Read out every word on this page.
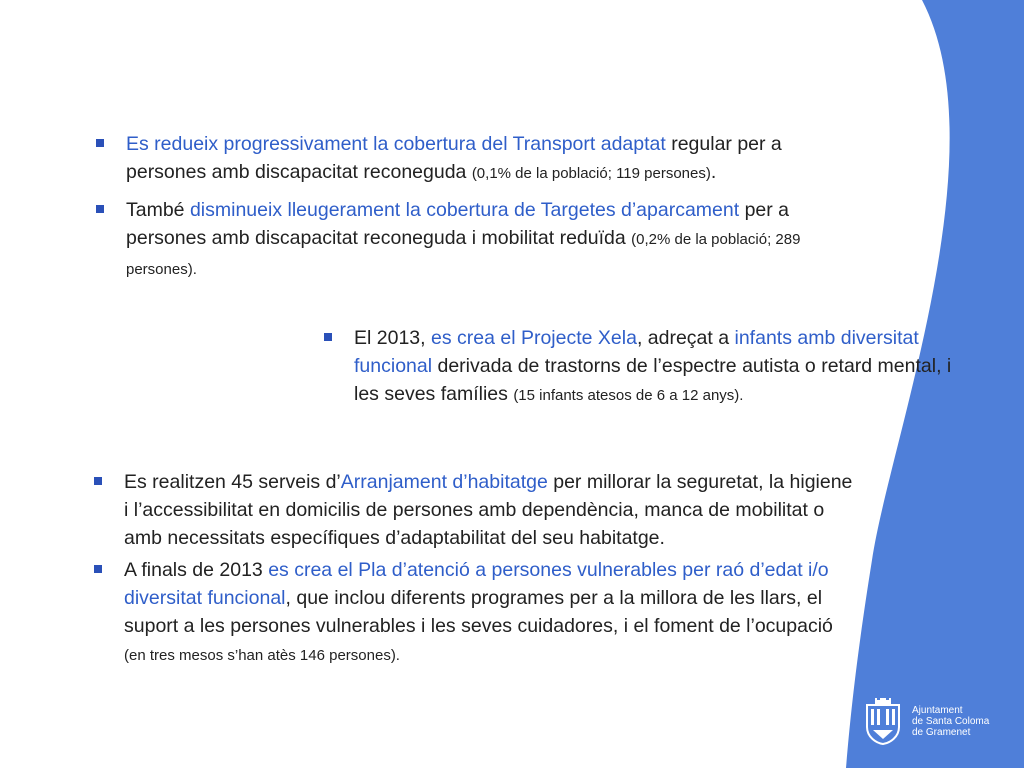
Es redueix progressivament la cobertura del Transport adaptat regular per a persones amb discapacitat reconeguda (0,1% de la població; 119 persones).
També disminueix lleugerament la cobertura de Targetes d’aparcament per a persones amb discapacitat reconeguda i mobilitat reduïda (0,2% de la població; 289 persones).
El 2013, es crea el Projecte Xela, adreçat a infants amb diversitat funcional derivada de trastorns de l’espectre autista o retard mental, i les seves famílies (15 infants atesos de 6 a 12 anys).
Es realitzen 45 serveis d’Arranjament d’habitatge per millorar la seguretat, la higiene i l’accessibilitat en domicilis de persones amb dependència, manca de mobilitat o amb necessitats específiques d’adaptabilitat del seu habitatge.
A finals de 2013 es crea el Pla d’atenció a persones vulnerables per raó d’edat i/o diversitat funcional, que inclou diferents programes per a la millora de les llars, el suport a les persones vulnerables i les seves cuidadores, i el foment de l’ocupació (en tres mesos s’han atès 146 persones).
Ajuntament
de Santa Coloma
de Gramenet
